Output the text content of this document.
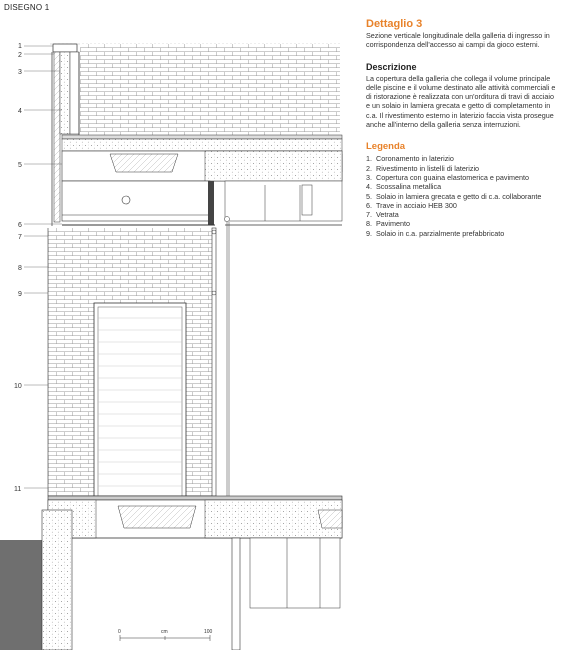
DISEGNO 1
1
2
3
4
5
6
7
8
9
10
11
0	cm	100
Dettaglio 3

Sezione verticale longitudinale della galleria di ingresso in corrispondenza dell'accesso ai campi da gioco esterni.

Descrizione

La copertura della galleria che collega il volume principale delle piscine e il volume destinato alle attività commerciali e di ristorazione è realizzata con un'orditura di travi di acciaio e un solaio in lamiera grecata e getto di completamento in c.a. Il rivestimento esterno in laterizio faccia vista prosegue anche all'interno della galleria senza interruzioni.

Legenda
1. Coronamento in laterizio
2. Rivestimento in listelli di laterizio
3. Copertura con guaina elastomerica e pavimento
4. Scossalina metallica
5. Solaio in lamiera grecata e getto di c.a. collaborante
6. Trave in acciaio HEB 300
7. Vetrata
8. Pavimento
9. Solaio in c.a. parzialmente prefabbricato
